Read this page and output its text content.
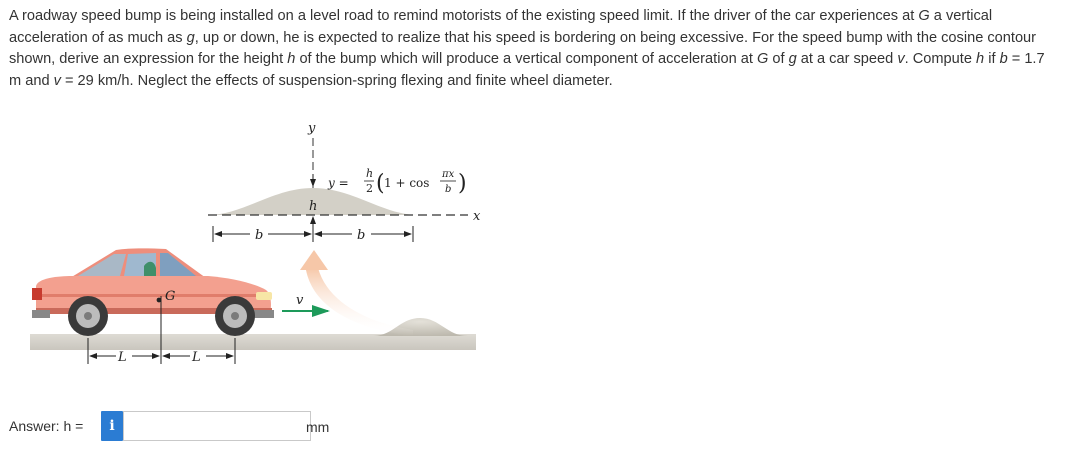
A roadway speed bump is being installed on a level road to remind motorists of the existing speed limit. If the driver of the car experiences at G a vertical acceleration of as much as g, up or down, he is expected to realize that his speed is bordering on being excessive. For the speed bump with the cosine contour shown, derive an expression for the height h of the bump which will produce a vertical component of acceleration at G of g at a car speed v. Compute h if b = 1.7 m and v = 29 km/h. Neglect the effects of suspension-spring flexing and finite wheel diameter.

x
y
h
y =
h
2 ( 1 + cos
πx
b )
b	b
v
G
L	L
Answer: h =	i	mm
